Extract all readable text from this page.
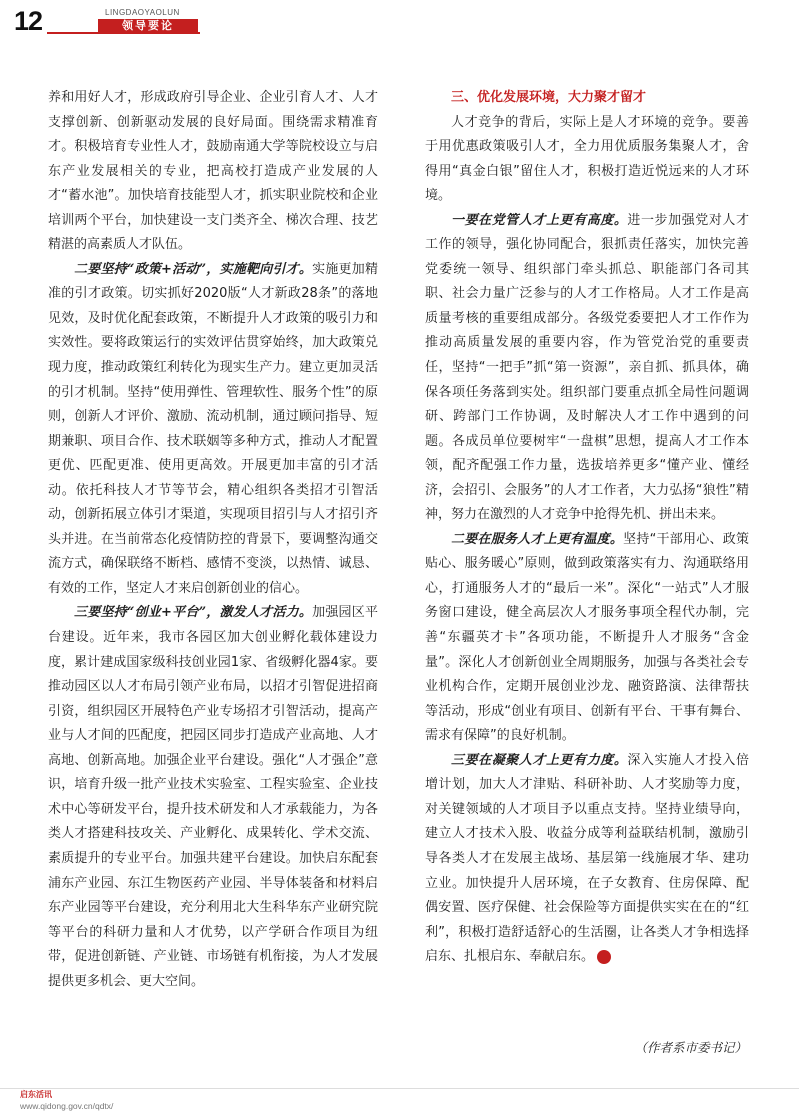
12	LINGDAOYAOLUN
领导要论

养和用好人才，形成政府引导企业、企业引育人才、人才支撑创新、创新驱动发展的良好局面。围绕需求精准育才。积极培育专业性人才，鼓励南通大学等院校设立与启东产业发展相关的专业，把高校打造成产业发展的人才“蓄水池”。加快培育技能型人才，抓实职业院校和企业培训两个平台，加快建设一支门类齐全、梯次合理、技艺精湛的高素质人才队伍。

二要坚持“政策+活动”，实施靶向引才。实施更加精准的引才政策。切实抓好2020版“人才新政28条”的落地见效，及时优化配套政策，不断提升人才政策的吸引力和实效性。要将政策运行的实效评估贯穿始终，加大政策兑现力度，推动政策红利转化为现实生产力。建立更加灵活的引才机制。坚持“使用弹性、管理软性、服务个性”的原则，创新人才评价、激励、流动机制，通过顾问指导、短期兼职、项目合作、技术联姻等多种方式，推动人才配置更优、匹配更准、使用更高效。开展更加丰富的引才活动。依托科技人才节等节会，精心组织各类招才引智活动，创新拓展立体引才渠道，实现项目招引与人才招引齐头并进。在当前常态化疫情防控的背景下，要调整沟通交流方式，确保联络不断档、感情不变淡，以热情、诚恳、有效的工作，坚定人才来启创新创业的信心。

三要坚持“创业+平台”，激发人才活力。加强园区平台建设。近年来，我市各园区加大创业孵化载体建设力度，累计建成国家级科技创业园1家、省级孵化器4家。要推动园区以人才布局引领产业布局，以招才引智促进招商引资，组织园区开展特色产业专场招才引智活动，提高产业与人才间的匹配度，把园区同步打造成产业高地、人才高地、创新高地。加强企业平台建设。强化“人才强企”意识，培育升级一批产业技术实验室、工程实验室、企业技术中心等研发平台，提升技术研发和人才承载能力，为各类人才搭建科技攻关、产业孵化、成果转化、学术交流、素质提升的专业平台。加强共建平台建设。加快启东配套浦东产业园、东江生物医药产业园、半导体装备和材料启东产业园等平台建设，充分利用北大生科华东产业研究院等平台的科研力量和人才优势，以产学研合作项目为纽带，促进创新链、产业链、市场链有机衔接，为人才发展提供更多机会、更大空间。

三、优化发展环境，大力聚才留才

人才竞争的背后，实际上是人才环境的竞争。要善于用优惠政策吸引人才，全力用优质服务集聚人才，舍得用“真金白银”留住人才，积极打造近悦远来的人才环境。

一要在党管人才上更有高度。进一步加强党对人才工作的领导，强化协同配合，狠抓责任落实，加快完善党委统一领导、组织部门牵头抓总、职能部门各司其职、社会力量广泛参与的人才工作格局。人才工作是高质量考核的重要组成部分。各级党委要把人才工作作为推动高质量发展的重要内容，作为管党治党的重要责任，坚持“一把手”抓“第一资源”，亲自抓、抓具体，确保各项任务落到实处。组织部门要重点抓全局性问题调研、跨部门工作协调，及时解决人才工作中遇到的问题。各成员单位要树牢“一盘棋”思想，提高人才工作本领，配齐配强工作力量，选拔培养更多“懂产业、懂经济，会招引、会服务”的人才工作者，大力弘扬“狼性”精神，努力在激烈的人才竞争中抢得先机、拼出未来。

二要在服务人才上更有温度。坚持“干部用心、政策贴心、服务暖心”原则，做到政策落实有力、沟通联络用心，打通服务人才的“最后一米”。深化“一站式”人才服务窗口建设，健全高层次人才服务事项全程代办制，完善“东疆英才卡”各项功能，不断提升人才服务“含金量”。深化人才创新创业全周期服务，加强与各类社会专业机构合作，定期开展创业沙龙、融资路演、法律帮扶等活动，形成“创业有项目、创新有平台、干事有舞台、需求有保障”的良好机制。

三要在凝聚人才上更有力度。深入实施人才投入倍增计划，加大人才津贴、科研补助、人才奖励等力度，对关键领域的人才项目予以重点支持。坚持业绩导向，建立人才技术入股、收益分成等利益联结机制，激励引导各类人才在发展主战场、基层第一线施展才华、建功立业。加快提升人居环境，在子女教育、住房保障、配偶安置、医疗保健、社会保险等方面提供实实在在的“红利”，积极打造舒适舒心的生活圈，让各类人才争相选择启东、扎根启东、奉献启东。	启

（作者系市委书记）
启东活讯
www.qidong.gov.cn/qdtx/
